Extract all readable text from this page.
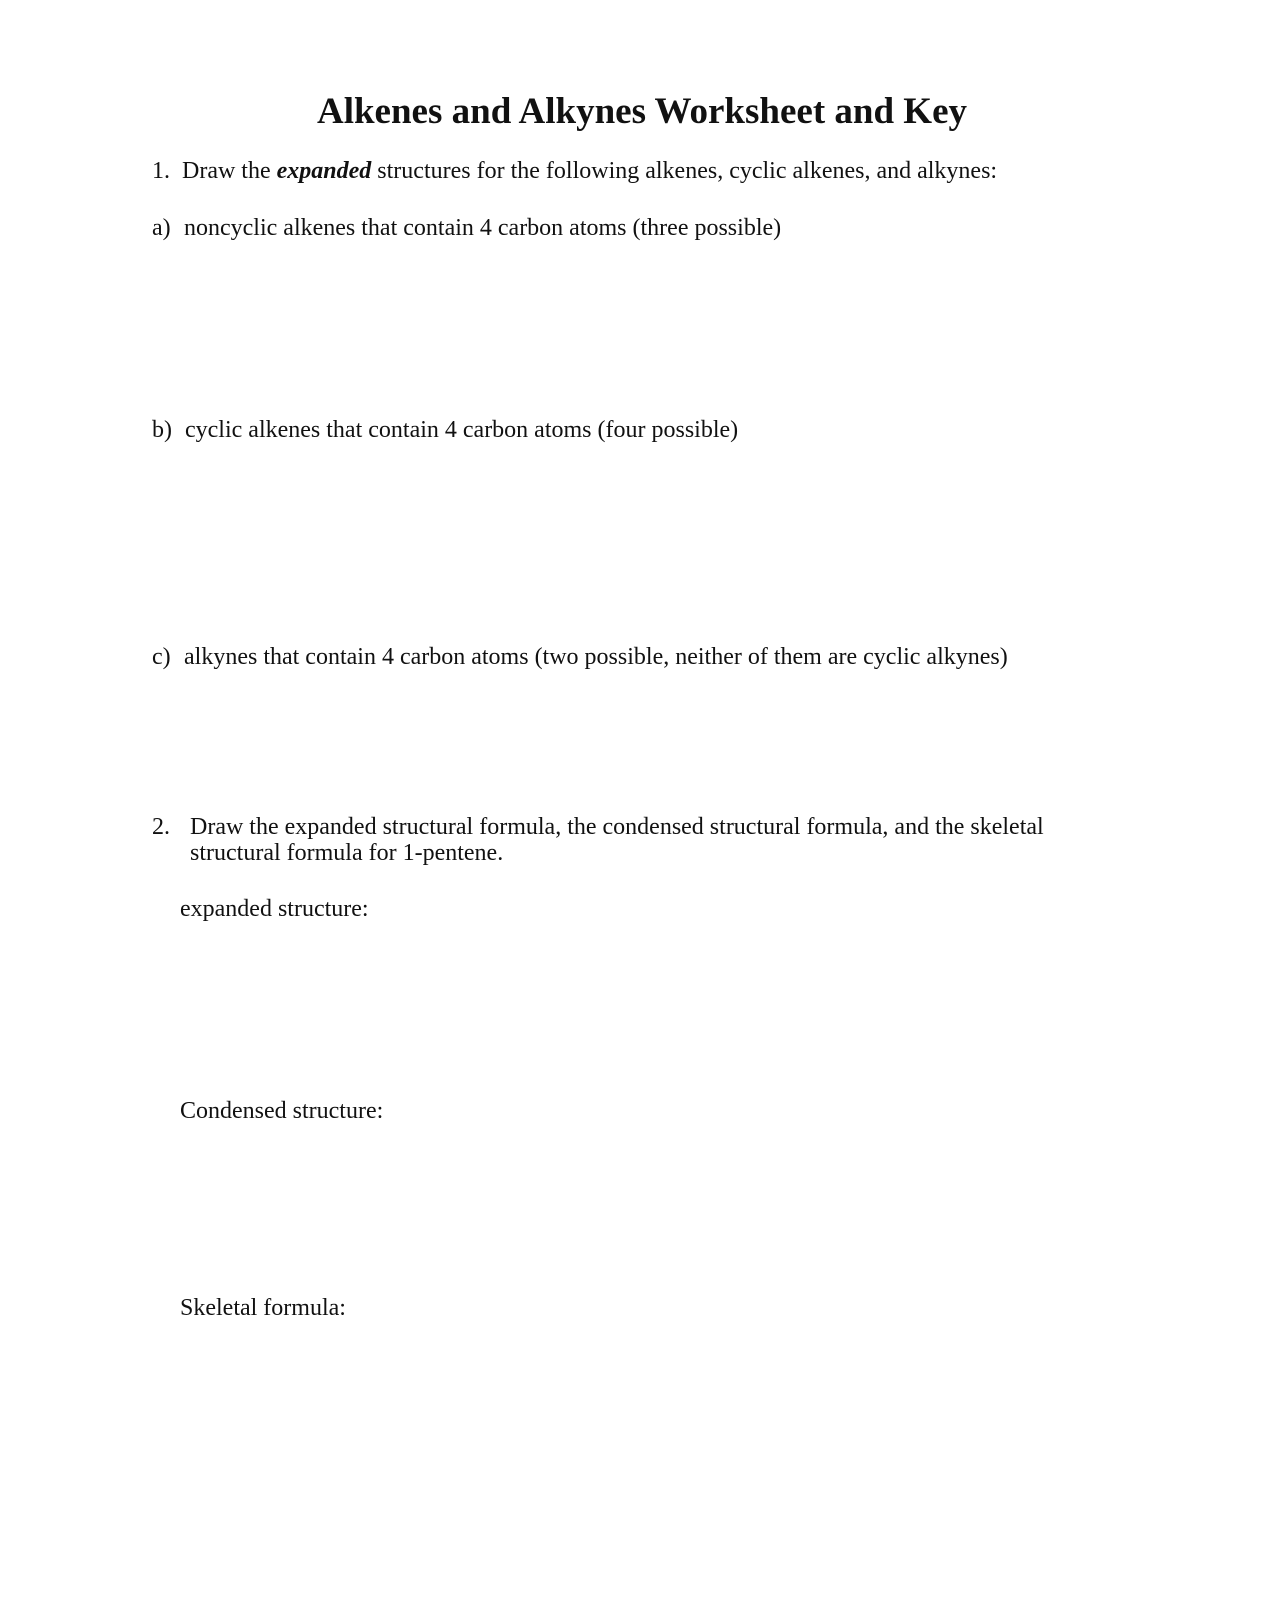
Alkenes and Alkynes Worksheet and Key

1. Draw the expanded structures for the following alkenes, cyclic alkenes, and alkynes:

a) noncyclic alkenes that contain 4 carbon atoms (three possible)

b) cyclic alkenes that contain 4 carbon atoms (four possible)

c) alkynes that contain 4 carbon atoms (two possible, neither of them are cyclic alkynes)

2. Draw the expanded structural formula, the condensed structural formula, and the skeletal

structural formula for 1-pentene.

expanded structure:

Condensed structure:

Skeletal formula:
